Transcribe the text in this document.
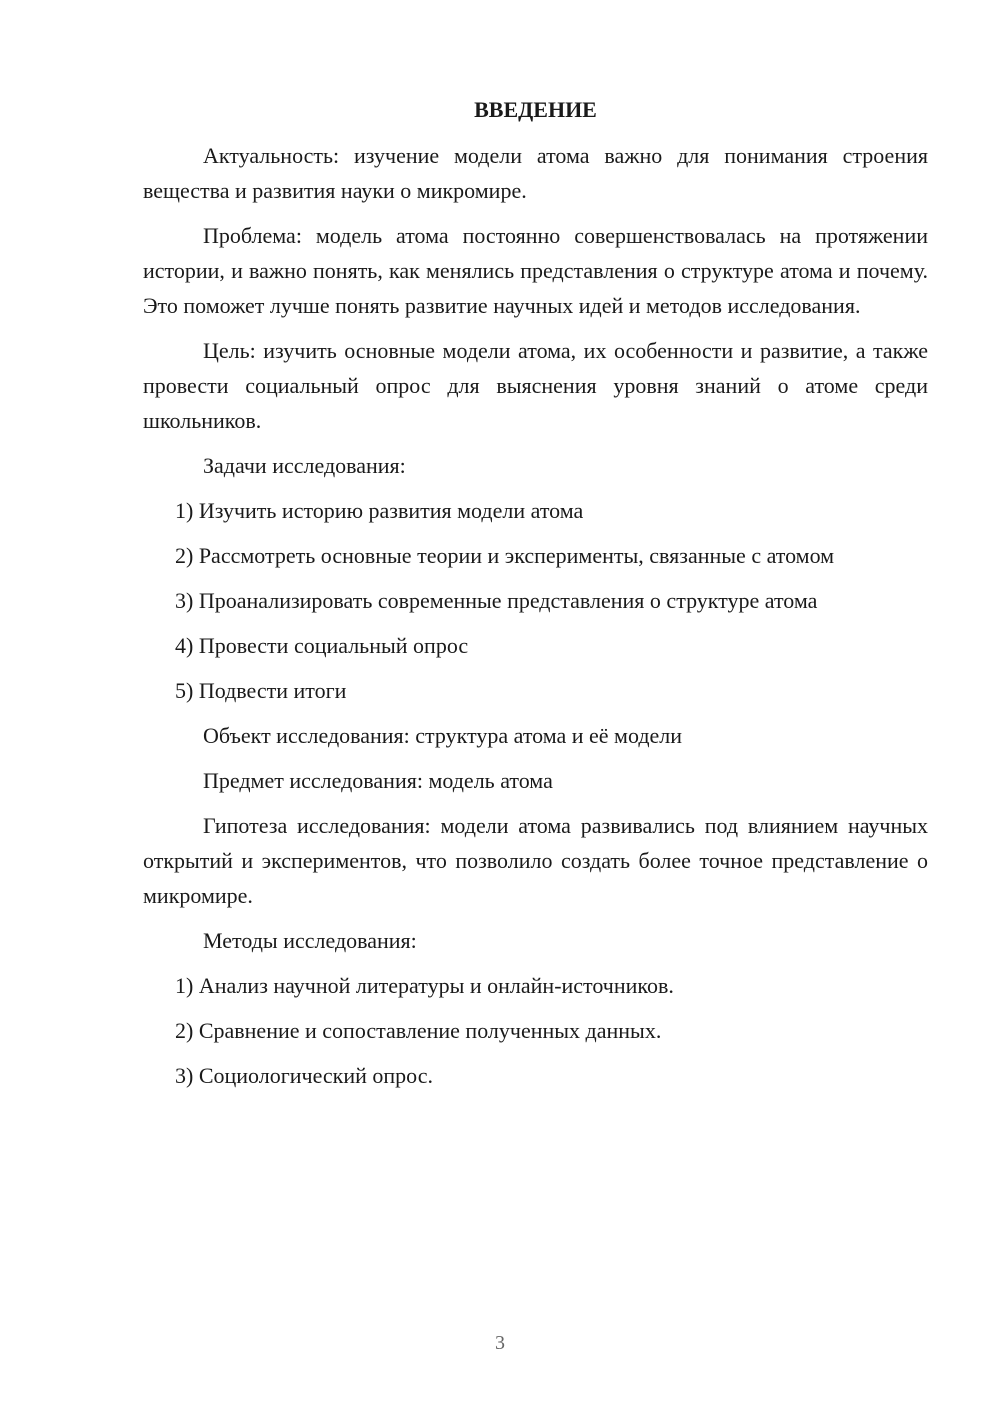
ВВЕДЕНИЕ

Актуальность: изучение модели атома важно для понимания строения вещества и развития науки о микромире.

Проблема: модель атома постоянно совершенствовалась на протяжении истории, и важно понять, как менялись представления о структуре атома и почему. Это поможет лучше понять развитие научных идей и методов исследования.

Цель: изучить основные модели атома, их особенности и развитие, а также провести социальный опрос для выяснения уровня знаний о атоме среди школьников.

Задачи исследования:

1) Изучить историю развития модели атома
2) Рассмотреть основные теории и эксперименты, связанные с атомом
3) Проанализировать современные представления о структуре атома
4) Провести социальный опрос
5) Подвести итоги

Объект исследования: структура атома и её модели

Предмет исследования: модель атома

Гипотеза исследования: модели атома развивались под влиянием научных открытий и экспериментов, что позволило создать более точное представление о микромире.

Методы исследования:

1) Анализ научной литературы и онлайн-источников.
2) Сравнение и сопоставление полученных данных.
3) Социологический опрос.
3
